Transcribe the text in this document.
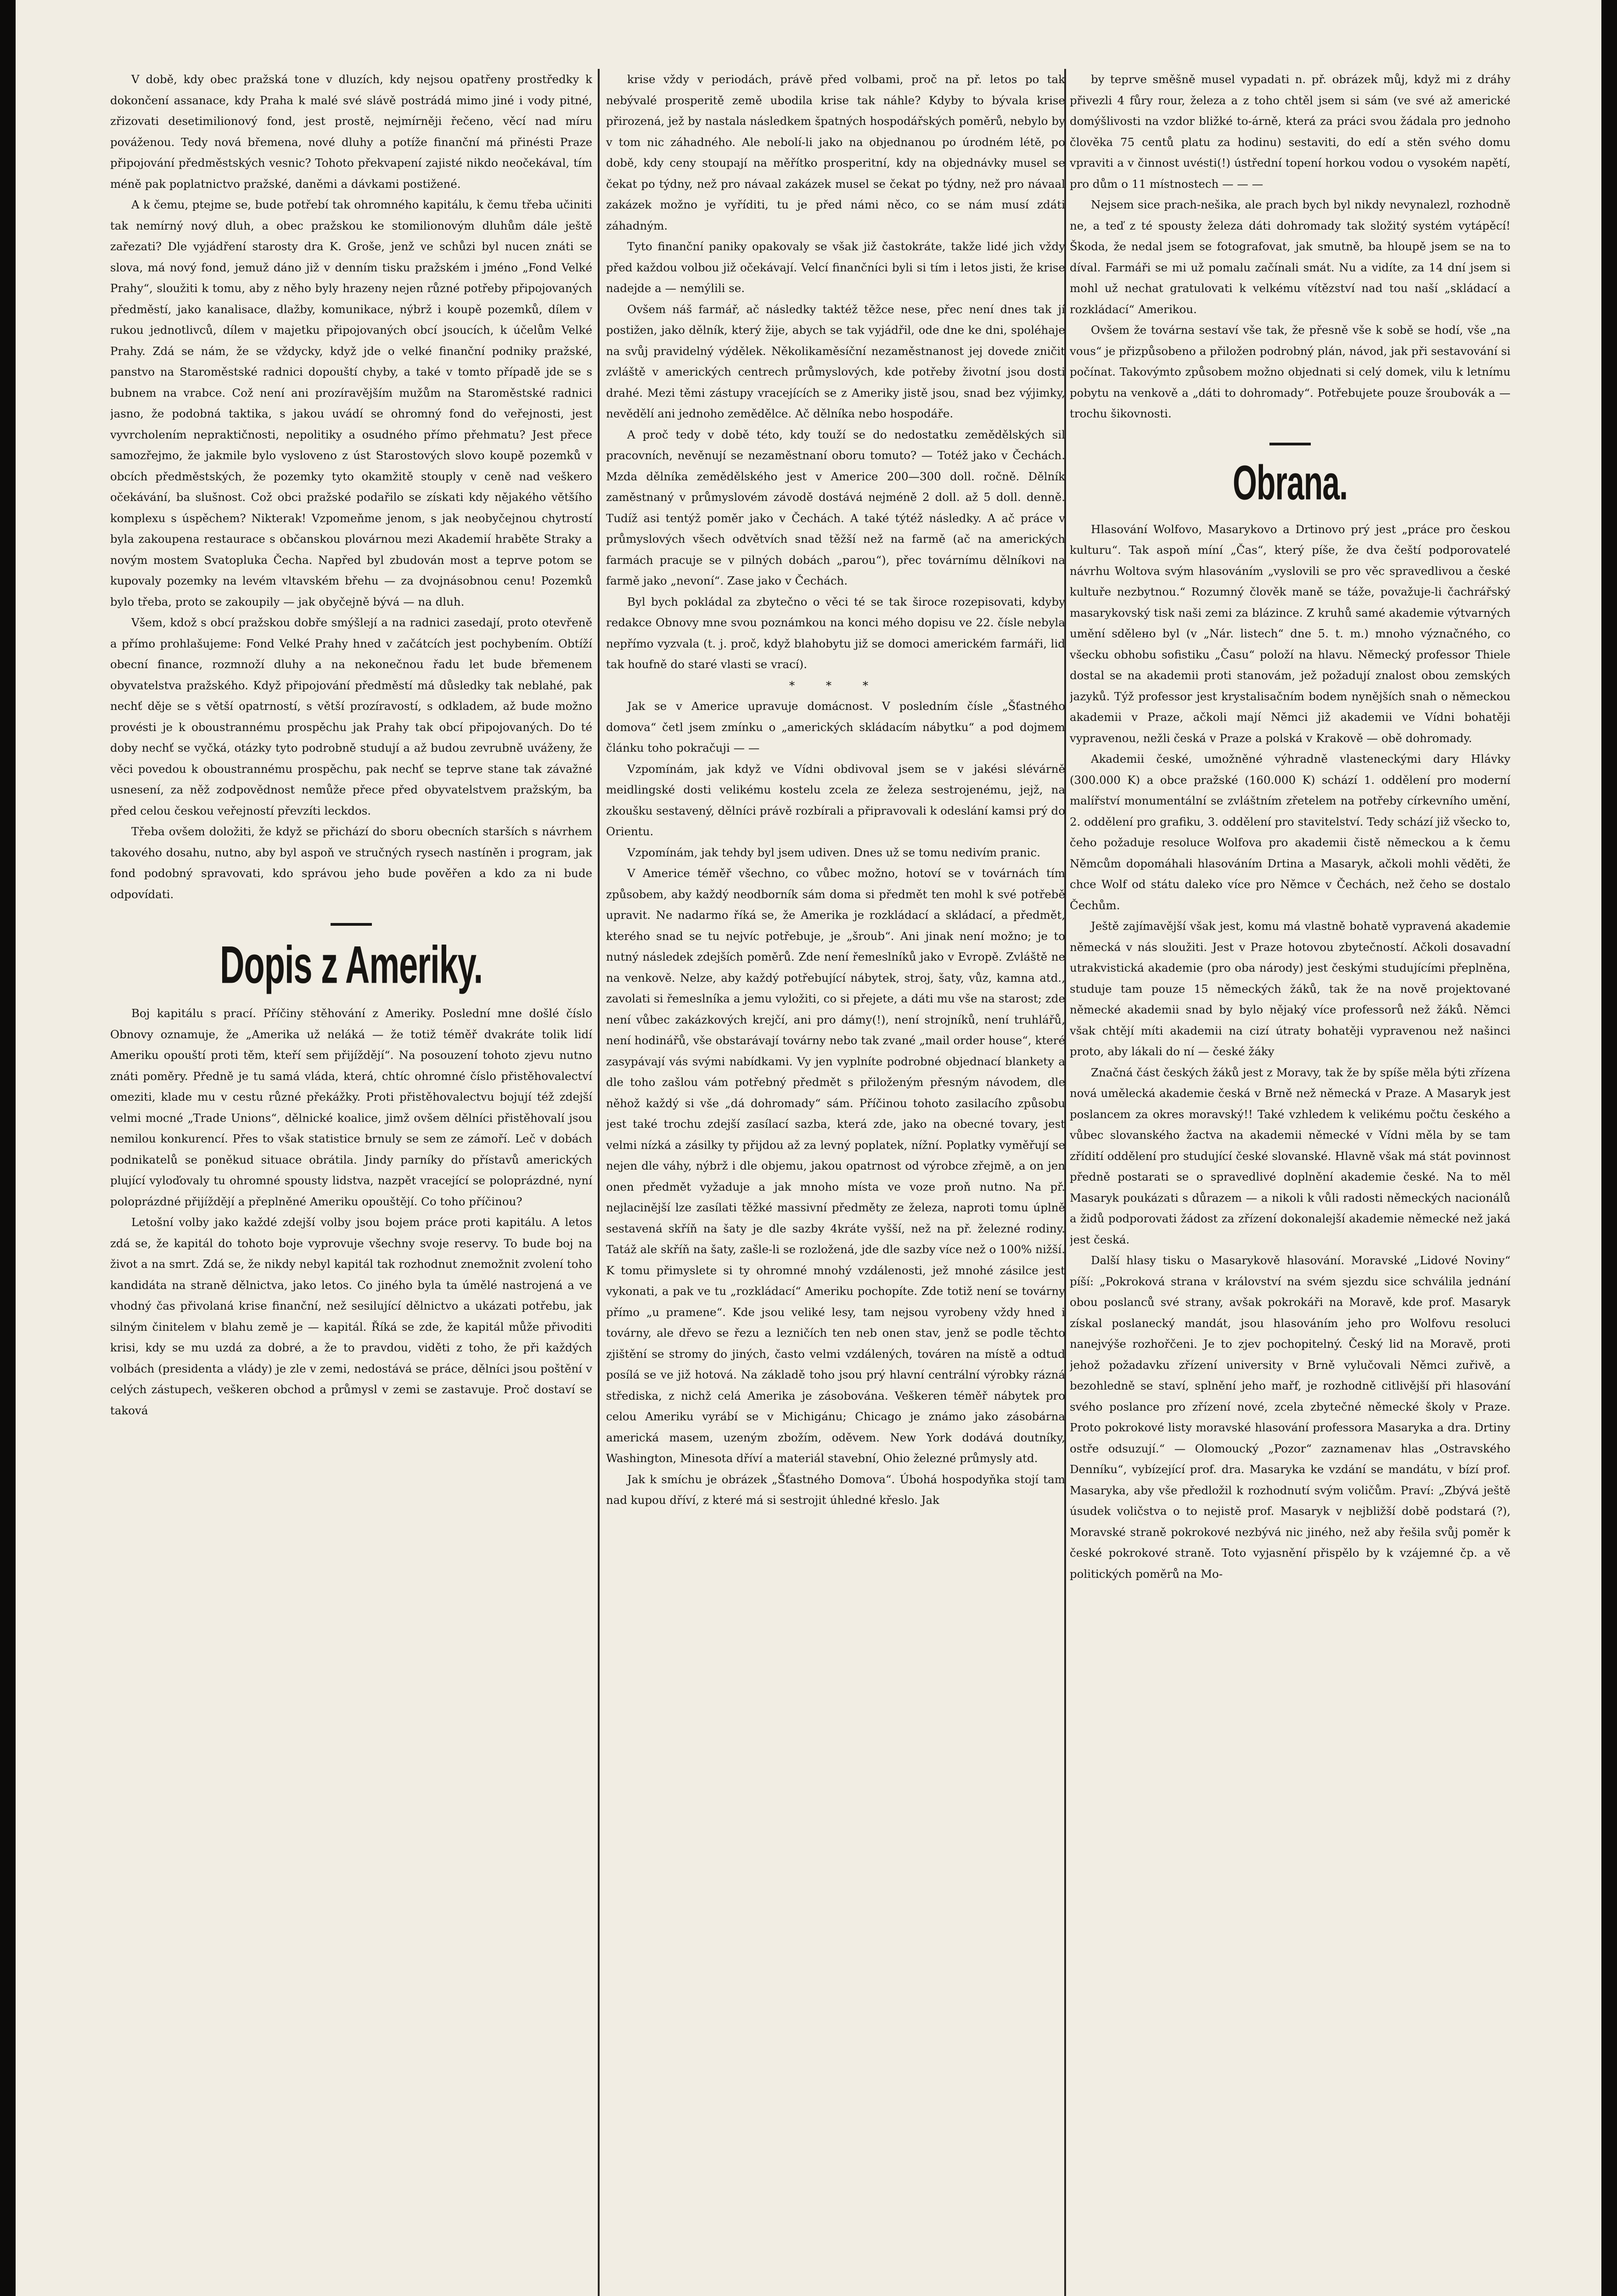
V době, kdy obec pražská tone v dluzích, kdy nejsou opatřeny prostředky k dokončení assanace, kdy Praha k malé své slávě postrádá mimo jiné i vody pitné, zřizovati desetimilionový fond, jest prostě, nejmírněji řečeno, věcí nad míru pováženou. Tedy nová břemena, nové dluhy a potíže finanční má přinésti Praze připojování předměstských vesnic? Tohoto překvapení zajisté nikdo neočekával, tím méně pak poplatnictvo pražské, daněmi a dávkami postižené.

A k čemu, ptejme se, bude potřebí tak ohromného kapitálu, k čemu třeba učiniti tak nemírný nový dluh, a obec pražskou ke stomilionovým dluhům dále ještě zařezati? Dle vyjádření starosty dra K. Groše, jenž ve schůzi byl nucen znáti se slova, má nový fond, jemuž dáno již v denním tisku pražském i jméno „Fond Velké Prahy“, sloužiti k tomu, aby z něho byly hrazeny nejen různé potřeby připojovaných předměstí, jako kanalisace, dlažby, komunikace, nýbrž i koupě pozemků, dílem v rukou jednotlivců, dílem v majetku připojovaných obcí jsoucích, k účelům Velké Prahy. Zdá se nám, že se vždycky, když jde o velké finanční podniky pražské, panstvo na Staroměstské radnici dopouští chyby, a také v tomto případě jde se s bubnem na vrabce. Což není ani prozíravějším mužům na Staroměstské radnici jasno, že podobná taktika, s jakou uvádí se ohromný fond do veřejnosti, jest vyvrcholením nepraktičnosti, nepolitiky a osudného přímo přehmatu? Jest přece samozřejmo, že jakmile bylo vysloveno z úst Starostových slovo koupě pozemků v obcích předměstských, že pozemky tyto okamžitě stouply v ceně nad veškero očekávání, ba slušnost. Což obci pražské podařilo se získati kdy nějakého většího komplexu s úspěchem? Nikterak! Vzpomeňme jenom, s jak neobyčejnou chytrostí byla zakoupena restaurace s občanskou plovárnou mezi Akademií hraběte Straky a novým mostem Svatopluka Čecha. Napřed byl zbudován most a teprve potom se kupovaly pozemky na levém vltavském břehu — za dvojnásobnou cenu! Pozemků bylo třeba, proto se zakoupily — jak obyčejně bývá — na dluh.

Všem, kdož s obcí pražskou dobře smýšlejí a na radnici zasedají, proto otevřeně a přímo prohlašujeme: Fond Velké Prahy hned v začátcích jest pochybením. Obtíží obecní finance, rozmnoží dluhy a na nekonečnou řadu let bude břemenem obyvatelstva pražského. Když připojování předměstí má důsledky tak neblahé, pak nechť děje se s větší opatrností, s větší prozíravostí, s odkladem, až bude možno provésti je k oboustrannému prospěchu jak Prahy tak obcí připojovaných. Do té doby nechť se vyčká, otázky tyto podrobně studují a až budou zevrubně uváženy, že věci povedou k oboustrannému prospěchu, pak nechť se teprve stane tak závažné usnesení, za něž zodpovědnost nemůže přece před obyvatelstvem pražským, ba před celou českou veřejností převzíti leckdos.

Třeba ovšem doložiti, že když se přichází do sboru obecních starších s návrhem takového dosahu, nutno, aby byl aspoň ve stručných rysech nastíněn i program, jak fond podobný spravovati, kdo správou jeho bude pověřen a kdo za ni bude odpovídati.

Dopis z Ameriky.

Boj kapitálu s prací. Příčiny stěhování z Ameriky. Poslední mne došlé číslo Obnovy oznamuje, že „Amerika už neláká — že totiž téměř dvakráte tolik lidí Ameriku opouští proti těm, kteří sem přijíždějí“. Na posouzení tohoto zjevu nutno znáti poměry. Předně je tu samá vláda, která, chtíc ohromné číslo přistěhovalectví omeziti, klade mu v cestu různé překážky. Proti přistěhovalectvu bojují též zdejší velmi mocné „Trade Unions“, dělnické koalice, jimž ovšem dělníci přistěhovalí jsou nemilou konkurencí. Přes to však statistice brnuly se sem ze zámoří. Leč v dobách podnikatelů se poněkud situace obrátila. Jindy parníky do přístavů amerických plující vyloďovaly tu ohromné spousty lidstva, nazpět vracející se poloprázdné, nyní poloprázdné přijíždějí a přeplněné Ameriku opouštějí. Co toho příčinou?

Letošní volby jako každé zdejší volby jsou bojem práce proti kapitálu. A letos zdá se, že kapitál do tohoto boje vyprovuje všechny svoje reservy. To bude boj na život a na smrt. Zdá se, že nikdy nebyl kapitál tak rozhodnut znemožnit zvolení toho kandidáta na straně dělnictva, jako letos. Co jiného byla ta úmělé nastrojená a ve vhodný čas přivolaná krise finanční, než sesilující dělnictvo a ukázati potřebu, jak silným činitelem v blahu země je — kapitál. Říká se zde, že kapitál může přivoditi krisi, kdy se mu uzdá za dobré, a že to pravdou, viděti z toho, že při každých volbách (presidenta a vlády) je zle v zemi, nedostává se práce, dělníci jsou poštění v celých zástupech, veškeren obchod a průmysl v zemi se zastavuje. Proč dostaví se taková

krise vždy v periodách, právě před volbami, proč na př. letos po tak nebývalé prosperitě země ubodila krise tak náhle? Kdyby to bývala krise přirozená, jež by nastala následkem špatných hospodářských poměrů, nebylo by v tom nic záhadného. Ale nebolí-li jako na objednanou po úrodném létě, po době, kdy ceny stoupají na měřítko prosperitní, kdy na objednávky musel se čekat po týdny, než pro návaal zakázek musel se čekat po týdny, než pro návaal zakázek možno je vyříditi, tu je před námi něco, co se nám musí zdáti záhadným.

Tyto finanční paniky opakovaly se však již častokráte, takže lidé jich vždy před každou volbou již očekávají. Velcí finančníci byli si tím i letos jisti, že krise nadejde a — nemýlili se.

Ovšem náš farmář, ač následky taktéž těžce nese, přec není dnes tak jí postižen, jako dělník, který žije, abych se tak vyjádřil, ode dne ke dni, spoléhaje na svůj pravidelný výdělek. Několikaměsíční nezaměstnanost jej dovede zničit zvláště v amerických centrech průmyslových, kde potřeby životní jsou dosti drahé. Mezi těmi zástupy vracejících se z Ameriky jistě jsou, snad bez výjimky, nevědělí ani jednoho zemědělce. Ač dělníka nebo hospodáře.

A proč tedy v době této, kdy touží se do nedostatku zemědělských sil pracovních, nevěnují se nezaměstnaní oboru tomuto? — Totéž jako v Čechách. Mzda dělníka zemědělského jest v Americe 200—300 doll. ročně. Dělník zaměstnaný v průmyslovém závodě dostává nejméně 2 doll. až 5 doll. denně. Tudíž asi tentýž poměr jako v Čechách. A také týtéž následky. A ač práce v průmyslových všech odvětvích snad těžší než na farmě (ač na amerických farmách pracuje se v pilných dobách „parou“), přec továrnímu dělníkovi na farmě jako „nevoní“. Zase jako v Čechách.

Byl bych pokládal za zbytečno o věci té se tak široce rozepisovati, kdyby redakce Obnovy mne svou poznámkou na konci mého dopisu ve 22. čísle nebyla nepřímo vyzvala (t. j. proč, když blahobytu již se domoci americkém farmáři, lid tak houfně do staré vlasti se vrací).

* * *

Jak se v Americe upravuje domácnost. V posledním čísle „Šťastného domova“ četl jsem zmínku o „amerických skládacím nábytku“ a pod dojmem článku toho pokračuji — —

Vzpomínám, jak když ve Vídni obdivoval jsem se v jakési slévárně meidlingské dosti velikému kostelu zcela ze železa sestrojenému, jejž, na zkoušku sestavený, dělníci právě rozbírali a připravovali k odeslání kamsi prý do Orientu.

Vzpomínám, jak tehdy byl jsem udiven. Dnes už se tomu nedivím pranic.

V Americe téměř všechno, co vůbec možno, hotoví se v továrnách tím způsobem, aby každý neodborník sám doma si předmět ten mohl k své potřebě upravit. Ne nadarmo říká se, že Amerika je rozkládací a skládací, a předmět, kterého snad se tu nejvíc potřebuje, je „šroub“. Ani jinak není možno; je to nutný následek zdejších poměrů. Zde není řemeslníků jako v Evropě. Zvláště ne na venkově. Nelze, aby každý potřebující nábytek, stroj, šaty, vůz, kamna atd., zavolati si řemeslníka a jemu vyložiti, co si přejete, a dáti mu vše na starost; zde není vůbec zakázkových krejčí, ani pro dámy(!), není strojníků, není truhlářů, není hodinářů, vše obstarávají továrny nebo tak zvané „mail order house“, které zasypávají vás svými nabídkami. Vy jen vyplníte podrobné objednací blankety a dle toho zašlou vám potřebný předmět s přiloženým přesným návodem, dle něhož každý si vše „dá dohromady“ sám. Příčinou tohoto zasilacího způsobu jest také trochu zdejší zasílací sazba, která zde, jako na obecné tovary, jest velmi nízká a zásilky ty přijdou až za levný poplatek, nížní. Poplatky vyměřují se nejen dle váhy, nýbrž i dle objemu, jakou opatrnost od výrobce zřejmě, a on jen onen předmět vyžaduje a jak mnoho místa ve voze proň nutno. Na př. nejlacinější lze zasílati těžké massivní předměty ze železa, naproti tomu úplně sestavená skříň na šaty je dle sazby 4kráte vyšší, než na př. železné rodiny. Tatáž ale skříň na šaty, zašle-li se rozložená, jde dle sazby více než o 100% nižší. K tomu přimyslete si ty ohromné mnohý vzdálenosti, jež mnohé zásilce jest vykonati, a pak ve tu „rozkládací“ Ameriku pochopíte. Zde totiž není se továrny přímo „u pramene“. Kde jsou veliké lesy, tam nejsou vyrobeny vždy hned i továrny, ale dřevo se řezu a lezničích ten neb onen stav, jenž se podle těchto zjištění se stromy do jiných, často velmi vzdálených, továren na místě a odtud posílá se ve již hotová. Na základě toho jsou prý hlavní centrální výrobky rázná střediska, z nichž celá Amerika je zásobována. Veškeren téměř nábytek pro celou Ameriku vyrábí se v Michigánu; Chicago je známo jako zásobárna americká masem, uzeným zbožím, oděvem. New York dodává doutníky, Washington, Minesota dříví a materiál stavební, Ohio železné průmysly atd.

Jak k smíchu je obrázek „Šťastného Domova“. Úbohá hospodyňka stojí tam nad kupou dříví, z které má si sestrojit úhledné křeslo. Jak

by teprve směšně musel vypadati n. př. obrázek můj, když mi z dráhy přivezli 4 fůry rour, železa a z toho chtěl jsem si sám (ve své až americké domýšlivosti na vzdor bližké to-árně, která za práci svou žádala pro jednoho člověka 75 centů platu za hodinu) sestaviti, do edí a stěn svého domu vpraviti a v činnost uvésti(!) ústřední topení horkou vodou o vysokém napětí, pro dům o 11 místnostech — — —

Nejsem sice prach-nešika, ale prach bych byl nikdy nevynalezl, rozhodně ne, a teď z té spousty železa dáti dohromady tak složitý systém vytápěcí! Škoda, že nedal jsem se fotografovat, jak smutně, ba hloupě jsem se na to díval. Farmáři se mi už pomalu začínali smát. Nu a vidíte, za 14 dní jsem si mohl už nechat gratulovati k velkému vítězství nad tou naší „skládací a rozkládací“ Amerikou.

Ovšem že továrna sestaví vše tak, že přesně vše k sobě se hodí, vše „na vous“ je přizpůsobeno a přiložen podrobný plán, návod, jak při sestavování si počínat. Takovýmto způsobem možno objednati si celý domek, vilu k letnímu pobytu na venkově a „dáti to dohromady“. Potřebujete pouze šroubovák a — trochu šikovnosti.

Obrana.

Hlasování Wolfovo, Masarykovo a Drtinovo prý jest „práce pro českou kulturu“. Tak aspoň míní „Čas“, který píše, že dva čeští podporovatelé návrhu Woltova svým hlasováním „vyslovili se pro věc spravedlivou a české kultuře nezbytnou.“ Rozumný člověk maně se táže, považuje-li čachrářský masarykovský tisk naši zemi za blázince. Z kruhů samé akademie výtvarných umění sdělено byl (v „Nár. listech“ dne 5. t. m.) mnoho význačného, co všecku obhobu sofistiku „Času“ položí na hlavu. Německý professor Thiele dostal se na akademii proti stanovám, jež požadují znalost obou zemských jazyků. Týž professor jest krystalisačním bodem nynějších snah o německou akademii v Praze, ačkoli mají Němci již akademii ve Vídni bohatěji vypravenou, nežli česká v Praze a polská v Krakově — obě dohromady.

Akademii české, umožněné výhradně vlasteneckými dary Hlávky (300.000 K) a obce pražské (160.000 K) schází 1. oddělení pro moderní malířství monumentální se zvláštním zřetelem na potřeby církevního umění, 2. oddělení pro grafiku, 3. oddělení pro stavitelství. Tedy schází již všecko to, čeho požaduje resoluce Wolfova pro akademii čistě německou a k čemu Němcům dopomáhali hlasováním Drtina a Masaryk, ačkoli mohli věděti, že chce Wolf od státu daleko více pro Němce v Čechách, než čeho se dostalo Čechům.

Ještě zajímavější však jest, komu má vlastně bohatě vypravená akademie německá v nás sloužiti. Jest v Praze hotovou zbytečností. Ačkoli dosavadní utrakvistická akademie (pro oba národy) jest českými studujícími přeplněna, studuje tam pouze 15 německých žáků, tak že na nově projektované německé akademii snad by bylo nějaký více professorů než žáků. Němci však chtějí míti akademii na cizí útraty bohatěji vypravenou než našinci proto, aby lákali do ní — české žáky

Značná část českých žáků jest z Moravy, tak že by spíše měla býti zřízena nová umělecká akademie česká v Brně než německá v Praze. A Masaryk jest poslancem za okres moravský!! Také vzhledem k velikému počtu českého a vůbec slovanského žactva na akademii německé v Vídni měla by se tam zřídití oddělení pro studující české slovanské. Hlavně však má stát povinnost předně postarati se o spravedlivé doplnění akademie české. Na to měl Masaryk poukázati s důrazem — a nikoli k vůli radosti německých nacionálů a židů podporovati žádost za zřízení dokonalejší akademie německé než jaká jest česká.

Další hlasy tisku o Masarykově hlasování. Moravské „Lidové Noviny“ píší: „Pokroková strana v království na svém sjezdu sice schválila jednání obou poslanců své strany, avšak pokrokáři na Moravě, kde prof. Masaryk získal poslanecký mandát, jsou hlasováním jeho pro Wolfovu resoluci nanejvýše rozhořčeni. Je to zjev pochopitelný. Český lid na Moravě, proti jehož požadavku zřízení university v Brně vylučovali Němci zuřivě, a bezohledně se staví, splnění jeho mařf, je rozhodně citlivější při hlasování svého poslance pro zřízení nové, zcela zbytečné německé školy v Praze. Proto pokrokové listy moravské hlasování professora Masaryka a dra. Drtiny ostře odsuzují.“ — Olomoucký „Pozor“ zaznamenav hlas „Ostravského Denníku“, vybízející prof. dra. Masaryka ke vzdání se mandátu, v bízí prof. Masaryka, aby vše předložil k rozhodnutí svým voličům. Praví: „Zbývá ještě úsudek voličstva o to nejistě prof. Masaryk v nejbližší době podstará (?), Moravské straně pokrokové nezbývá nic jiného, než aby řešila svůj poměr k české pokrokové straně. Toto vyjasnění přispělo by k vzájemné čp. a vě politických poměrů na Mo-
